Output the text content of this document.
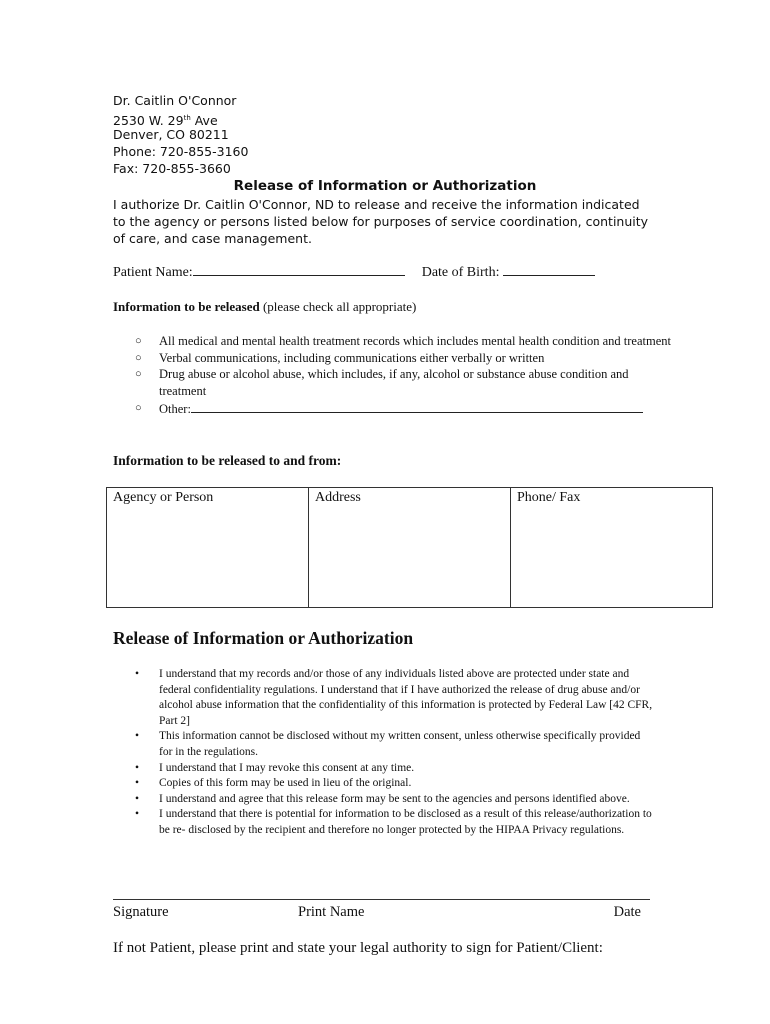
Dr. Caitlin O'Connor
2530 W. 29th Ave
Denver, CO 80211
Phone: 720-855-3160
Fax: 720-855-3660
Release of Information or Authorization
I authorize Dr. Caitlin O'Connor, ND to release and receive the information indicated to the agency or persons listed below for purposes of service coordination, continuity of care, and case management.
Patient Name:	Date of Birth:
Information to be released (please check all appropriate)
○ All medical and mental health treatment records which includes mental health condition and treatment
○ Verbal communications, including communications either verbally or written
○ Drug abuse or alcohol abuse, which includes, if any, alcohol or substance abuse condition and treatment
○ Other:
Information to be released to and from:
Agency or Person	Address	Phone/ Fax
Release of Information or Authorization
• I understand that my records and/or those of any individuals listed above are protected under state and federal confidentiality regulations. I understand that if I have authorized the release of drug abuse and/or alcohol abuse information that the confidentiality of this information is protected by Federal Law [42 CFR, Part 2]
• This information cannot be disclosed without my written consent, unless otherwise specifically provided for in the regulations.
• I understand that I may revoke this consent at any time.
• Copies of this form may be used in lieu of the original.
• I understand and agree that this release form may be sent to the agencies and persons identified above.
• I understand that there is potential for information to be disclosed as a result of this release/authorization to be re- disclosed by the recipient and therefore no longer protected by the HIPAA Privacy regulations.
Signature	Print Name	Date
If not Patient, please print and state your legal authority to sign for Patient/Client:
